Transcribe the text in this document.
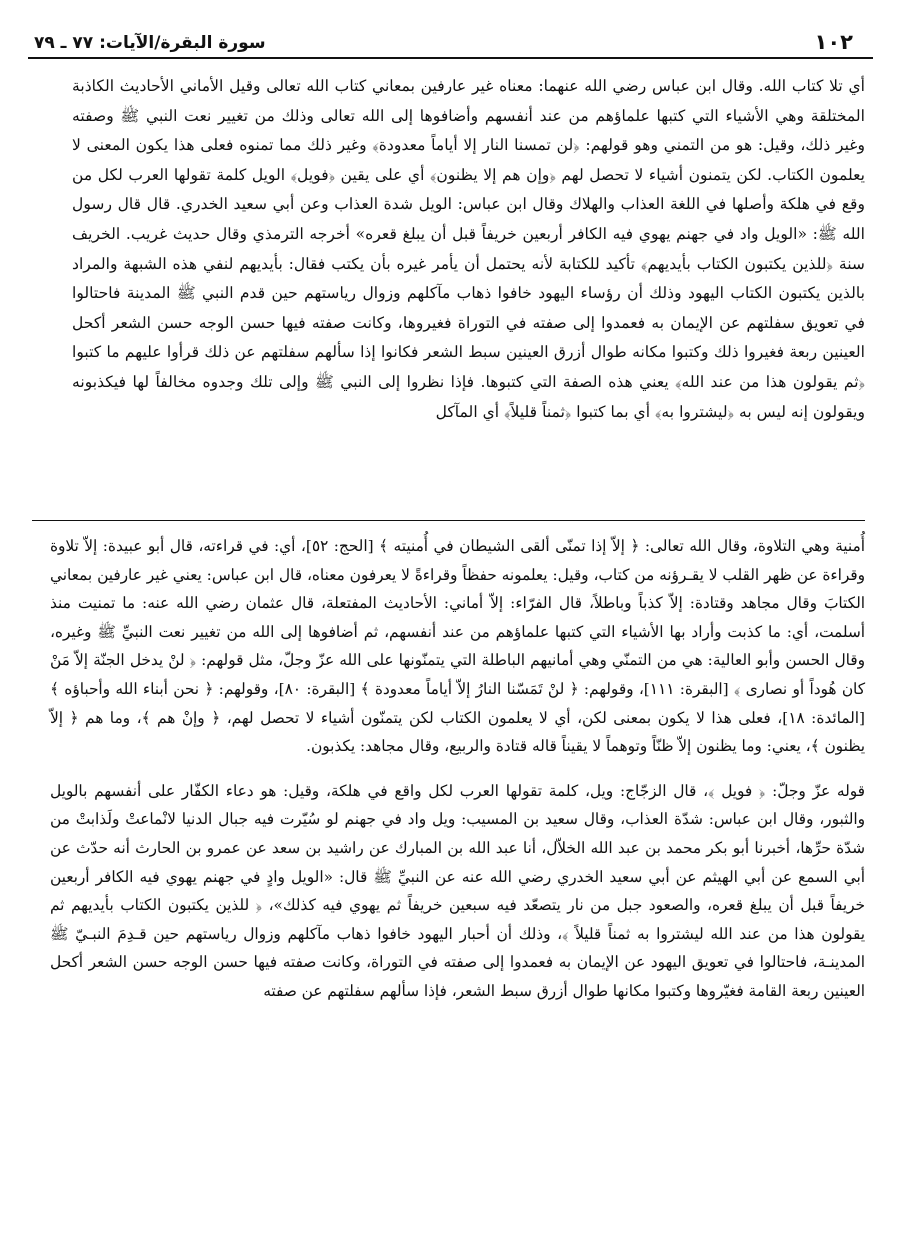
١٠٢
سورة البقرة/الآيات: ٧٧ ـ ٧٩

أي تلا كتاب الله. وقال ابن عباس رضي الله عنهما: معناه غير عارفين بمعاني كتاب الله تعالى وقيل الأماني الأحاديث الكاذبة المختلقة وهي الأشياء التي كتبها علماؤهم من عند أنفسهم وأضافوها إلى الله تعالى وذلك من تغيير نعت النبي ﷺ وصفته وغير ذلك، وقيل: هو من التمني وهو قولهم: ﴿لن تمسنا النار إلا أياماً معدودة﴾ وغير ذلك مما تمنوه فعلى هذا يكون المعنى لا يعلمون الكتاب. لكن يتمنون أشياء لا تحصل لهم ﴿وإن هم إلا يظنون﴾ أي على يقين ﴿فويل﴾ الويل كلمة تقولها العرب لكل من وقع في هلكة وأصلها في اللغة العذاب والهلاك وقال ابن عباس: الويل شدة العذاب وعن أبي سعيد الخدري. قال قال رسول الله ﷺ: «الويل واد في جهنم يهوي فيه الكافر أربعين خريفاً قبل أن يبلغ قعره» أخرجه الترمذي وقال حديث غريب. الخريف سنة ﴿للذين يكتبون الكتاب بأيديهم﴾ تأكيد للكتابة لأنه يحتمل أن يأمر غيره بأن يكتب فقال: بأيديهم لنفي هذه الشبهة والمراد بالذين يكتبون الكتاب اليهود وذلك أن رؤساء اليهود خافوا ذهاب مآكلهم وزوال رياستهم حين قدم النبي ﷺ المدينة فاحتالوا في تعويق سفلتهم عن الإيمان به فعمدوا إلى صفته في التوراة فغيروها، وكانت صفته فيها حسن الوجه حسن الشعر أكحل العينين ربعة فغيروا ذلك وكتبوا مكانه طوال أزرق العينين سبط الشعر فكانوا إذا سألهم سفلتهم عن ذلك قرأوا عليهم ما كتبوا ﴿ثم يقولون هذا من عند الله﴾ يعني هذه الصفة التي كتبوها. فإذا نظروا إلى النبي ﷺ وإلى تلك وجدوه مخالفاً لها فيكذبونه ويقولون إنه ليس به ﴿ليشتروا به﴾ أي بما كتبوا ﴿ثمناً قليلاً﴾ أي المآكل

أُمنية وهي التلاوة، وقال الله تعالى: ﴿ إلاّ إذا تمنّى ألقى الشيطان في أُمنيته ﴾ [الحج: ٥٢]، أي: في قراءته، قال أبو عبيدة: إلاّ تلاوة وقراءة عن ظهر القلب لا يقـرؤنه من كتاب، وقيل: يعلمونه حفظاً وقراءةً لا يعرفون معناه، قال ابن عباس: يعني غير عارفين بمعاني الكتابَ وقال مجاهد وقتادة: إلاّ كذباً وباطلاً، قال الفرّاء: إلاّ أماني: الأحاديث المفتعلة، قال عثمان رضي الله عنه: ما تمنيت منذ أسلمت، أي: ما كذبت وأراد بها الأشياء التي كتبها علماؤهم من عند أنفسهم، ثم أضافوها إلى الله من تغيير نعت النبيِّ ﷺ وغيره، وقال الحسن وأبو العالية: هي من التمنّي وهي أمانيهم الباطلة التي يتمنّونها على الله عزّ وجلّ، مثل قولهم: ﴿ لنْ يدخل الجنّة إلاّ مَنْ كان هُوداً أو نصارى ﴾ [البقرة: ١١١]، وقولهم: ﴿ لنْ تَمَسّنا النارُ إلاّ أياماً معدودة ﴾ [البقرة: ٨٠]، وقولهم: ﴿ نحن أبناء الله وأحباؤه ﴾ [المائدة: ١٨]، فعلى هذا لا يكون بمعنى لكن، أي لا يعلمون الكتاب لكن يتمنّون أشياء لا تحصل لهم، ﴿ وإنْ هم ﴾، وما هم ﴿ إلاّ يظنون ﴾، يعني: وما يظنون إلاّ ظنّاً وتوهماً لا يقيناً قاله قتادة والربيع، وقال مجاهد: يكذبون.

قوله عزّ وجلّ: ﴿ فويل ﴾، قال الزجّاج: ويل، كلمة تقولها العرب لكل واقع في هلكة، وقيل: هو دعاء الكفّار على أنفسهم بالويل والثبور، وقال ابن عباس: شدّة العذاب، وقال سعيد بن المسيب: ويل واد في جهنم لو سُيّرت فيه جبال الدنيا لانْماعتْ ولَذابتْ من شدّة حرِّها، أخبرنا أبو بكر محمد بن عبد الله الخلاّل، أنا عبد الله بن المبارك عن راشيد بن سعد عن عمرو بن الحارث أنه حدّث عن أبي السمع عن أبي الهيثم عن أبي سعيد الخدري رضي الله عنه عن النبيِّ ﷺ قال: «الويل وادٍ في جهنم يهوي فيه الكافر أربعين خريفاً قبل أن يبلغ قعره، والصعود جبل من نار يتصعّد فيه سبعين خريفاً ثم يهوي فيه كذلك»، ﴿ للذين يكتبون الكتاب بأيديهم ثم يقولون هذا من عند الله ليشتروا به ثمناً قليلاً ﴾، وذلك أن أحبار اليهود خافوا ذهاب مآكلهم وزوال رياستهم حين قـدِمَ النبـيّ ﷺ المدينـة، فاحتالوا في تعويق اليهود عن الإيمان به فعمدوا إلى صفته في التوراة، وكانت صفته فيها حسن الوجه حسن الشعر أكحل العينين ربعة القامة فغيّروها وكتبوا مكانها طوال أزرق سبط الشعر، فإذا سألهم سفلتهم عن صفته
